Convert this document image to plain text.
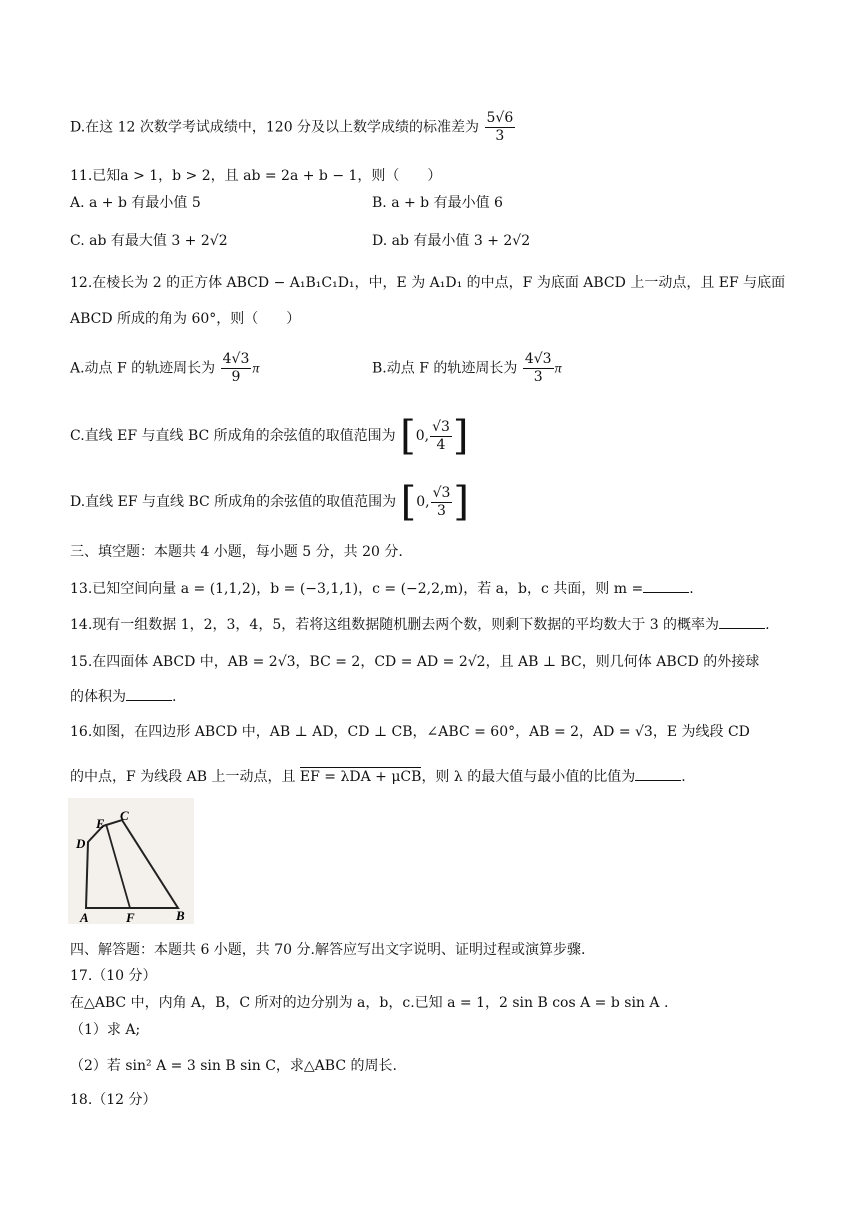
D.在这 12 次数学考试成绩中，120 分及以上数学成绩的标准差为 $\frac{5√6}{3}$
11.已知a > 1，b > 2，且 ab = 2a + b − 1，则（　　）
A. a + b 有最小值 5	B. a + b 有最小值 6
C. ab 有最大值 3 + 2√2	D. ab 有最小值 3 + 2√2
12.在棱长为 2 的正方体 ABCD − A₁B₁C₁D₁，中，E 为 A₁D₁ 的中点，F 为底面 ABCD 上一动点，且 EF 与底面
ABCD 所成的角为 60°，则（　　）
A.动点 F 的轨迹周长为 $\frac{4√3}{9}$ π	B.动点 F 的轨迹周长为 $\frac{4√3}{3}$ π
C.直线 EF 与直线 BC 所成角的余弦值的取值范围为 [0, $\frac{√3}{4}$ ]
D.直线 EF 与直线 BC 所成角的余弦值的取值范围为 [0, $\frac{√3}{3}$ ]
三、填空题：本题共 4 小题，每小题 5 分，共 20 分.
13.已知空间向量 a = (1,1,2)，b = (−3,1,1)，c = (−2,2,m)，若 a，b，c 共面，则 m =	.
14.现有一组数据 1，2，3，4，5，若将这组数据随机删去两个数，则剩下数据的平均数大于 3 的概率为	.
15.在四面体 ABCD 中，AB = 2√3，BC = 2，CD = AD = 2√2，且 AB ⊥ BC，则几何体 ABCD 的外接球
的体积为	.
16.如图，在四边形 ABCD 中，AB ⊥ AD，CD ⊥ CB，∠ABC = 60°，AB = 2，AD = √3，E 为线段 CD
的中点，F 为线段 AB 上一动点，且 EF = λDA + μCB，则 λ 的最大值与最小值的比值为	.
D
E
C
A	F	B
四、解答题：本题共 6 小题，共 70 分.解答应写出文字说明、证明过程或演算步骤.
17.（10 分）
在△ABC 中，内角 A，B，C 所对的边分别为 a，b，c.已知 a = 1，2 sin B cos A = b sin A .
（1）求 A;
（2）若 sin² A = 3 sin B sin C，求△ABC 的周长.
18.（12 分）
